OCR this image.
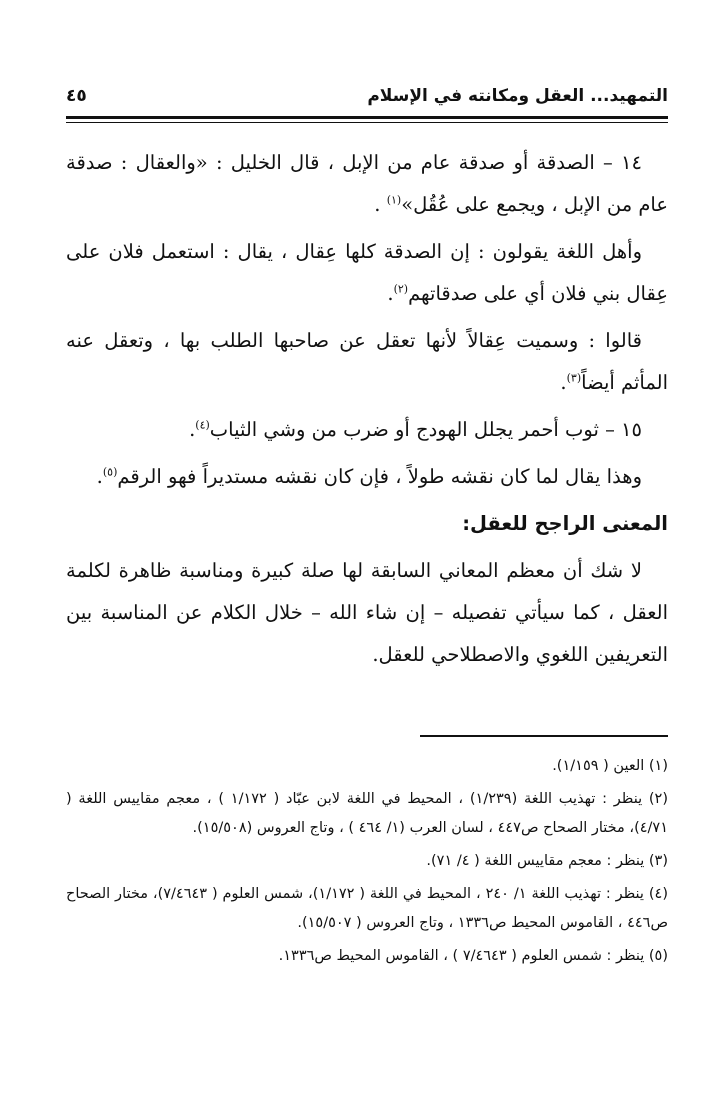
التمهيد... العقل ومكانته في الإسلام
٤٥

١٤ – الصدقة أو صدقة عام من الإبل ، قال الخليل : «والعقال : صدقة عام من الإبل ، ويجمع على عُقُل»$^{(١)}$ .

وأهل اللغة يقولون : إن الصدقة كلها عِقال ، يقال : استعمل فلان على عِقال بني فلان أي على صدقاتهم$^{(٢)}$.

قالوا : وسميت عِقالاً لأنها تعقل عن صاحبها الطلب بها ، وتعقل عنه المأثم أيضاً$^{(٣)}$.

١٥ – ثوب أحمر يجلل الهودج أو ضرب من وشي الثياب$^{(٤)}$.

وهذا يقال لما كان نقشه طولاً ، فإن كان نقشه مستديراً فهو الرقم$^{(٥)}$.

المعنى الراجح للعقل:

لا شك أن معظم المعاني السابقة لها صلة كبيرة ومناسبة ظاهرة لكلمة العقل ، كما سيأتي تفصيله – إن شاء الله – خلال الكلام عن المناسبة بين التعريفين اللغوي والاصطلاحي للعقل.

(١) العين ( ١/١٥٩).

(٢) ينظر : تهذيب اللغة (١/٢٣٩) ، المحيط في اللغة لابن عبّاد ( ١/١٧٢ ) ، معجم مقاييس اللغة ( ٤/٧١)، مختار الصحاح ص٤٤٧ ، لسان العرب (١/ ٤٦٤ ) ، وتاج العروس (١٥/٥٠٨).

(٣) ينظر : معجم مقاييس اللغة ( ٤/ ٧١).

(٤) ينظر : تهذيب اللغة ١/ ٢٤٠ ، المحيط في اللغة ( ١/١٧٢)، شمس العلوم ( ٧/٤٦٤٣)، مختار الصحاح ص٤٤٦ ، القاموس المحيط ص١٣٣٦ ، وتاج العروس ( ١٥/٥٠٧).

(٥) ينظر : شمس العلوم ( ٧/٤٦٤٣ ) ، القاموس المحيط ص١٣٣٦.
